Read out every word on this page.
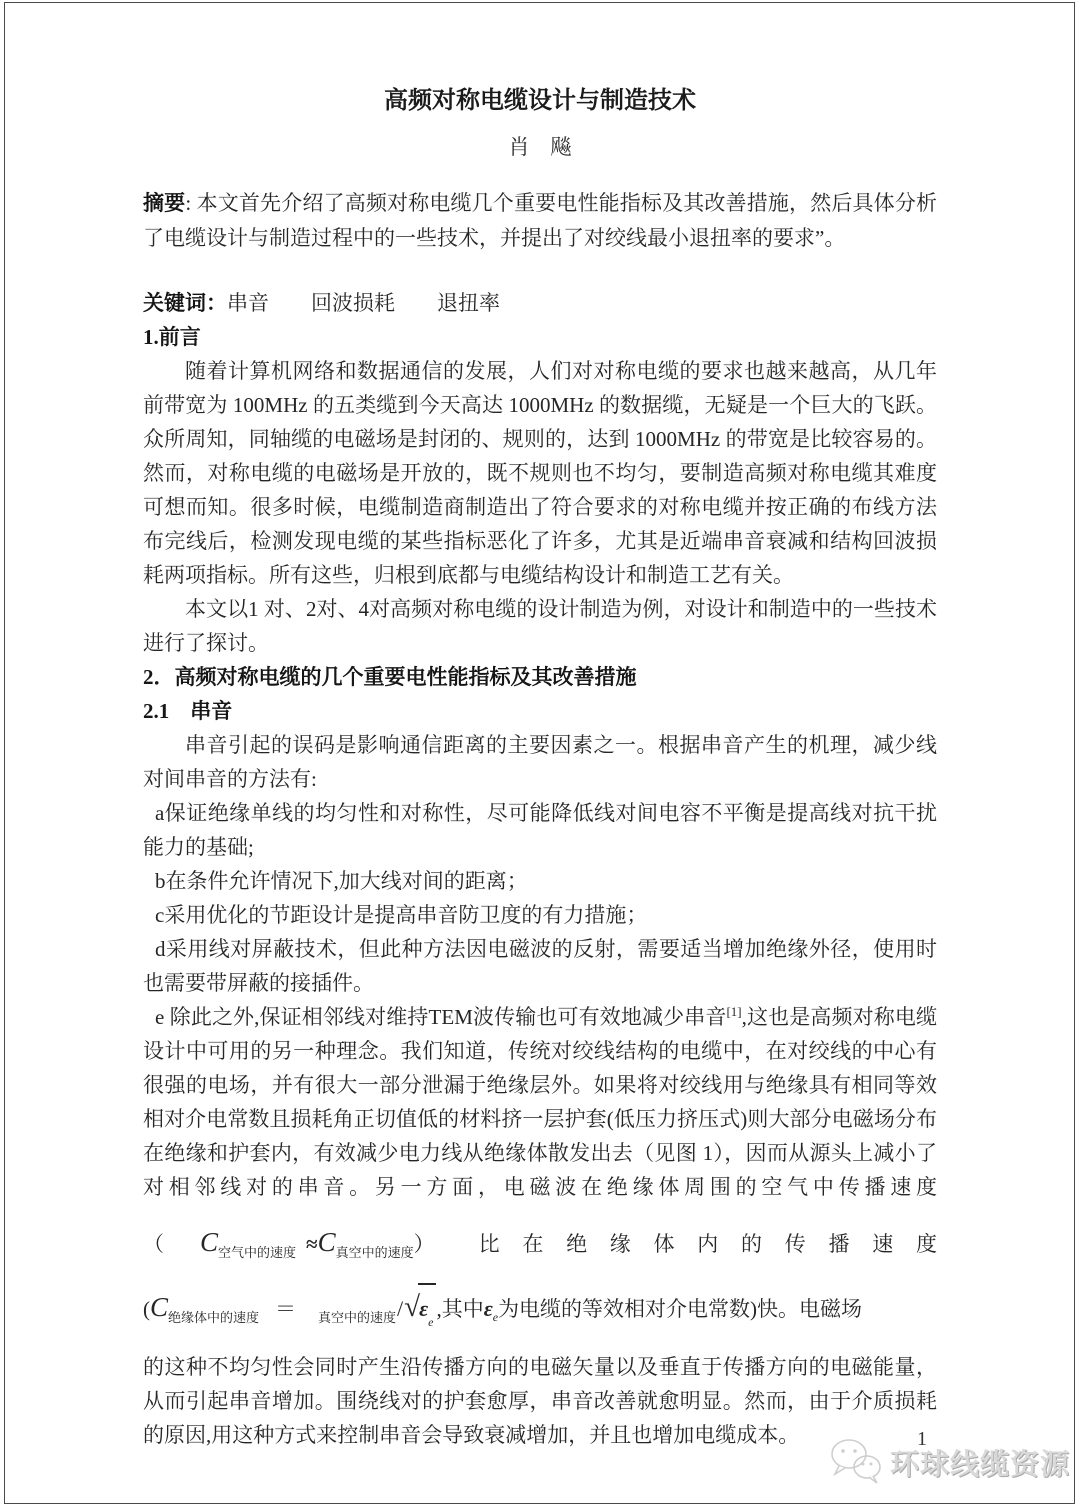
高频对称电缆设计与制造技术
肖　飚

摘要: 本文首先介绍了高频对称电缆几个重要电性能指标及其改善措施，然后具体分析了电缆设计与制造过程中的一些技术，并提出了对绞线最小退扭率的要求”。

关键词：串音　　回波损耗　　退扭率

1.前言

随着计算机网络和数据通信的发展，人们对对称电缆的要求也越来越高，从几年前带宽为 100MHz 的五类缆到今天高达 1000MHz 的数据缆，无疑是一个巨大的飞跃。众所周知，同轴缆的电磁场是封闭的、规则的，达到 1000MHz 的带宽是比较容易的。然而，对称电缆的电磁场是开放的，既不规则也不均匀，要制造高频对称电缆其难度可想而知。很多时候，电缆制造商制造出了符合要求的对称电缆并按正确的布线方法布完线后，检测发现电缆的某些指标恶化了许多，尤其是近端串音衰减和结构回波损耗两项指标。所有这些，归根到底都与电缆结构设计和制造工艺有关。

本文以1 对、2对、4对高频对称电缆的设计制造为例，对设计和制造中的一些技术进行了探讨。

2．高频对称电缆的几个重要电性能指标及其改善措施

2.1　串音

串音引起的误码是影响通信距离的主要因素之一。根据串音产生的机理，减少线对间串音的方法有:

a保证绝缘单线的均匀性和对称性，尽可能降低线对间电容不平衡是提高线对抗干扰能力的基础;

b在条件允许情况下,加大线对间的距离；

c采用优化的节距设计是提高串音防卫度的有力措施；

d采用线对屏蔽技术，但此种方法因电磁波的反射，需要适当增加绝缘外径，使用时也需要带屏蔽的接插件。

e 除此之外,保证相邻线对维持TEM波传输也可有效地减少串音[1],这也是高频对称电缆设计中可用的另一种理念。我们知道，传统对绞线结构的电缆中，在对绞线的中心有很强的电场，并有很大一部分泄漏于绝缘层外。如果将对绞线用与绝缘具有相同等效相对介电常数且损耗角正切值低的材料挤一层护套(低压力挤压式)则大部分电磁场分布在绝缘和护套内，有效减少电力线从绝缘体散发出去（见图 1），因而从源头上减小了对相邻线对的串音。另一方面，电磁波在绝缘体周围的空气中传播速度

（ C 空气中的速度 ≈ C 真空中的速度 ） 比 在 绝 缘 体 内 的 传 播 速 度
( C 绝缘体中的速度 ＝ 真空中的速度 / √ $\varepsilon_e$
,其中 ε e 为电缆的等效相对介电常数)快。电磁场

的这种不均匀性会同时产生沿传播方向的电磁矢量以及垂直于传播方向的电磁能量，从而引起串音增加。围绕线对的护套愈厚，串音改善就愈明显。然而，由于介质损耗的原因,用这种方式来控制串音会导致衰减增加，并且也增加电缆成本。	1
环球线缆资源
